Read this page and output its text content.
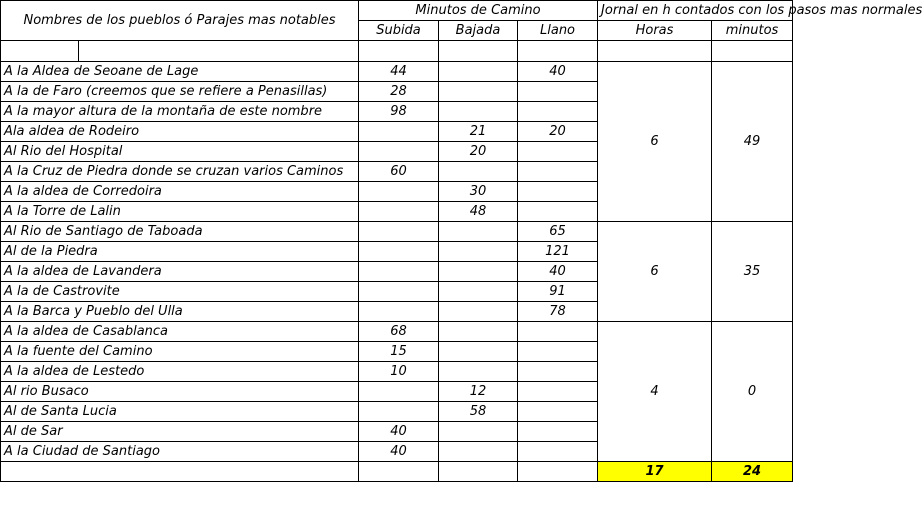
Nombres de los pueblos ó Parajes mas notables		Minutos de Camino			Jornal en h contados con los pasos mas normales	
		Subida	Bajada	Llano	Horas	minutos

A la Aldea de Seoane de Lage		44		40	6	49
A la de Faro (creemos que se refiere a Penasillas)		28				
A la mayor altura de la montaña de este nombre		98				
Ala aldea de Rodeiro			21	20		
Al Rio del Hospital			20			
A la Cruz de Piedra donde se cruzan varios Caminos		60				
A la aldea de Corredoira			30			
A la Torre de Lalin			48			
Al Rio de Santiago de Taboada				65	6	35
Al de la Piedra				121		
A la aldea de Lavandera				40		
A la de Castrovite				91		
A la Barca y Pueblo del Ulla				78		
A la aldea de Casablanca		68			4	0
A la fuente del Camino		15				
A la aldea de Lestedo		10				
Al rio Busaco			12			
Al de Santa Lucia			58			
Al de Sar		40				
A la Ciudad de Santiago		40				
					17	24
